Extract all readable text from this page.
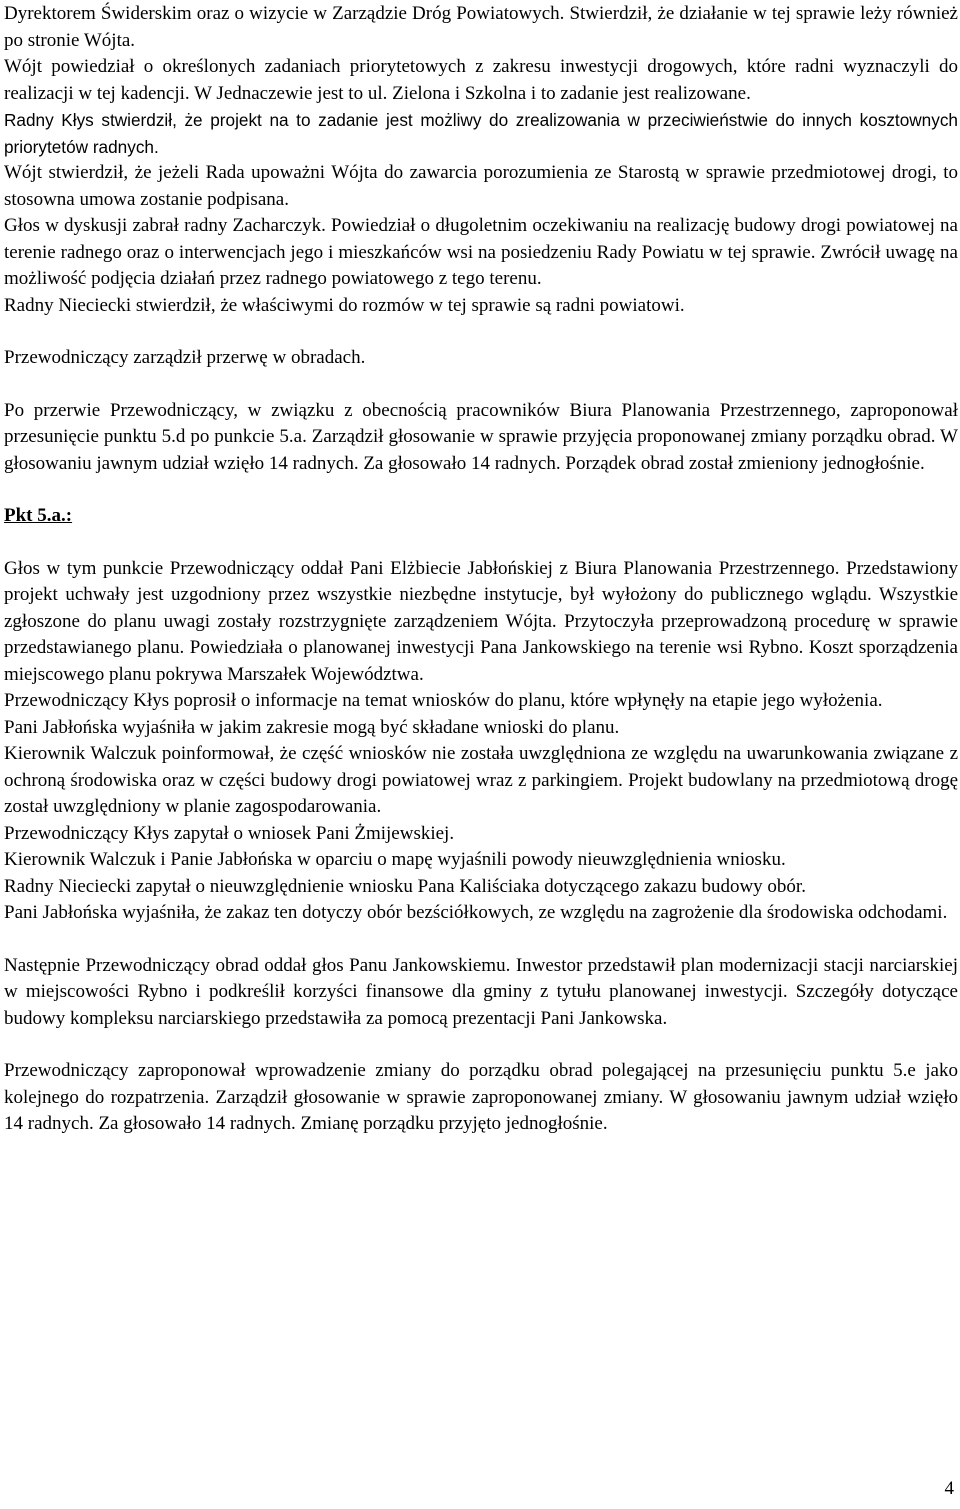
Dyrektorem Świderskim oraz o wizycie w Zarządzie Dróg Powiatowych. Stwierdził, że działanie w tej sprawie leży również po stronie Wójta.

Wójt powiedział o określonych zadaniach priorytetowych z zakresu inwestycji drogowych, które radni wyznaczyli do realizacji w tej kadencji. W Jednaczewie jest to ul. Zielona i Szkolna i to zadanie jest realizowane.

Radny Kłys stwierdził, że projekt na to zadanie jest możliwy do zrealizowania w przeciwieństwie do innych kosztownych priorytetów radnych.

Wójt stwierdził, że jeżeli Rada upoważni Wójta do zawarcia porozumienia ze Starostą w sprawie przedmiotowej drogi, to stosowna umowa zostanie podpisana.

Głos w dyskusji zabrał radny Zacharczyk. Powiedział o długoletnim oczekiwaniu na realizację budowy drogi powiatowej na terenie radnego oraz o interwencjach jego i mieszkańców wsi na posiedzeniu Rady Powiatu w tej sprawie. Zwrócił uwagę na możliwość podjęcia działań przez radnego powiatowego z tego terenu.

Radny Nieciecki stwierdził, że właściwymi do rozmów w tej sprawie są radni powiatowi.

Przewodniczący zarządził przerwę w obradach.

Po przerwie Przewodniczący, w związku z obecnością pracowników Biura Planowania Przestrzennego, zaproponował przesunięcie punktu 5.d po punkcie 5.a. Zarządził głosowanie w sprawie przyjęcia proponowanej zmiany porządku obrad. W głosowaniu jawnym udział wzięło 14 radnych. Za głosowało 14 radnych. Porządek obrad został zmieniony jednogłośnie.

Pkt 5.a.:

Głos w tym punkcie Przewodniczący oddał Pani Elżbiecie Jabłońskiej z Biura Planowania Przestrzennego. Przedstawiony projekt uchwały jest uzgodniony przez wszystkie niezbędne instytucje, był wyłożony do publicznego wglądu. Wszystkie zgłoszone do planu uwagi zostały rozstrzygnięte zarządzeniem Wójta. Przytoczyła przeprowadzoną procedurę w sprawie przedstawianego planu. Powiedziała o planowanej inwestycji Pana Jankowskiego na terenie wsi Rybno. Koszt sporządzenia miejscowego planu pokrywa Marszałek Województwa.

Przewodniczący Kłys poprosił o informacje na temat wniosków do planu, które wpłynęły na etapie jego wyłożenia.

Pani Jabłońska wyjaśniła w jakim zakresie mogą być składane wnioski do planu.

Kierownik Walczuk poinformował, że część wniosków nie została uwzględniona ze względu na uwarunkowania związane z ochroną środowiska oraz w części budowy drogi powiatowej wraz z parkingiem. Projekt budowlany na przedmiotową drogę został uwzględniony w planie zagospodarowania.

Przewodniczący Kłys zapytał o wniosek Pani Żmijewskiej.

Kierownik Walczuk i Panie Jabłońska w oparciu o mapę wyjaśnili powody nieuwzględnienia wniosku.

Radny Nieciecki zapytał o nieuwzględnienie wniosku Pana Kaliściaka dotyczącego zakazu budowy obór.

Pani Jabłońska wyjaśniła, że zakaz ten dotyczy obór bezściółkowych, ze względu na zagrożenie dla środowiska odchodami.

Następnie Przewodniczący obrad oddał głos Panu Jankowskiemu. Inwestor przedstawił plan modernizacji stacji narciarskiej w miejscowości Rybno i podkreślił korzyści finansowe dla gminy z tytułu planowanej inwestycji. Szczegóły dotyczące budowy kompleksu narciarskiego przedstawiła za pomocą prezentacji Pani Jankowska.

Przewodniczący zaproponował wprowadzenie zmiany do porządku obrad polegającej na przesunięciu punktu 5.e jako kolejnego do rozpatrzenia. Zarządził głosowanie w sprawie zaproponowanej zmiany. W głosowaniu jawnym udział wzięło 14 radnych. Za głosowało 14 radnych. Zmianę porządku przyjęto jednogłośnie.

4
